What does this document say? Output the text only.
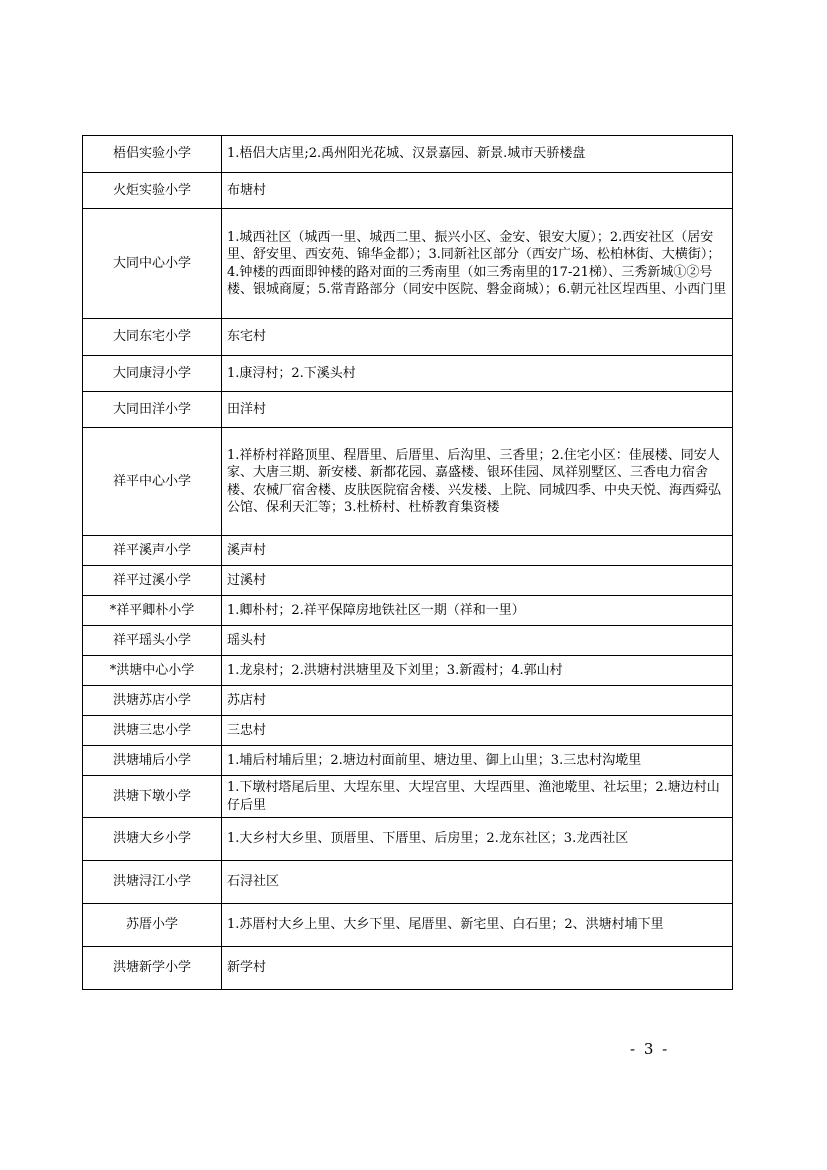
梧侣实验小学	1.梧侣大店里;2.禹州阳光花城、汉景嘉园、新景.城市天骄楼盘
火炬实验小学	布塘村
大同中心小学	1.城西社区（城西一里、城西二里、振兴小区、金安、银安大厦）；2.西安社区（居安里、舒安里、西安苑、锦华金都）；3.同新社区部分（西安广场、松柏林街、大横街）；4.钟楼的西面即钟楼的路对面的三秀南里（如三秀南里的17-21梯）、三秀新城①②号楼、银城商厦；5.常青路部分（同安中医院、磐金商城）；6.朝元社区埕西里、小西门里
大同东宅小学	东宅村
大同康浔小学	1.康浔村；2.下溪头村
大同田洋小学	田洋村
祥平中心小学	1.祥桥村祥路顶里、程厝里、后厝里、后沟里、三香里；2.住宅小区：佳展楼、同安人家、大唐三期、新安楼、新都花园、嘉盛楼、银环佳园、凤祥别墅区、三香电力宿舍楼、农械厂宿舍楼、皮肤医院宿舍楼、兴发楼、上院、同城四季、中央天悦、海西舜弘公馆、保利天汇等；3.杜桥村、杜桥教育集资楼
祥平溪声小学	溪声村
祥平过溪小学	过溪村
*祥平卿朴小学	1.卿朴村；2.祥平保障房地铁社区一期（祥和一里）
祥平瑶头小学	瑶头村
*洪塘中心小学	1.龙泉村；2.洪塘村洪塘里及下刘里；3.新霞村；4.郭山村
洪塘苏店小学	苏店村
洪塘三忠小学	三忠村
洪塘埔后小学	1.埔后村埔后里；2.塘边村面前里、塘边里、御上山里；3.三忠村沟墘里
洪塘下墩小学	1.下墩村塔尾后里、大埕东里、大埕宫里、大埕西里、渔池墘里、社坛里；2.塘边村山仔后里
洪塘大乡小学	1.大乡村大乡里、顶厝里、下厝里、后房里；2.龙东社区；3.龙西社区
洪塘浔江小学	石浔社区
苏厝小学	1.苏厝村大乡上里、大乡下里、尾厝里、新宅里、白石里；2、洪塘村埔下里
洪塘新学小学	新学村
- 3 -
